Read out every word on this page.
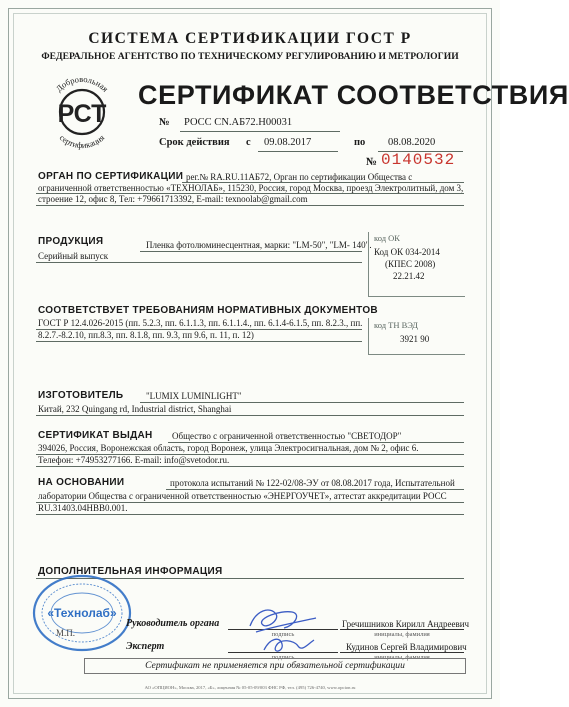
СИСТЕМА СЕРТИФИКАЦИИ ГОСТ Р
ФЕДЕРАЛЬНОЕ АГЕНТСТВО ПО ТЕХНИЧЕСКОМУ РЕГУЛИРОВАНИЮ И МЕТРОЛОГИИ
РСТ
Добровольная
сертификация
СЕРТИФИКАТ СООТВЕТСТВИЯ
№ РОСС CN.АБ72.Н00031
Срок действия с 09.08.2017	по 08.08.2020
№ 0140532
ОРГАН ПО СЕРТИФИКАЦИИ рег.№ RA.RU.11АБ72, Орган по сертификации Общества с
ограниченной ответственностью «ТЕХНОЛАБ», 115230, Россия, город Москва, проезд Электролитный, дом 3,
строение 12, офис 8, Тел: +79661713392, E-mail: texnoolab@gmail.com
ПРОДУКЦИЯ	Пленка фотолюминесцентная, марки: "LM-50", "LM- 140".
Серийный выпуск
код ОК
Код ОК 034-2014
(КПЕС 2008)
22.21.42
СООТВЕТСТВУЕТ ТРЕБОВАНИЯМ НОРМАТИВНЫХ ДОКУМЕНТОВ
ГОСТ Р 12.4.026-2015 (пп. 5.2.3, пп. 6.1.1.3, пп. 6.1.1.4., пп. 6.1.4-6.1.5, пп. 8.2.3., пп.
8.2.7.-8.2.10, пп.8.3, пп. 8.1.8, пп. 9.3, пп 9.6, п. 11, п. 12)
код ТН ВЭД
3921 90
ИЗГОТОВИТЕЛЬ	"LUMIX LUMINLIGHT"
Китай, 232 Quingang rd, Industrial district, Shanghai
СЕРТИФИКАТ ВЫДАН Общество с ограниченной ответственностью "СВЕТОДОР"
394026, Россия, Воронежская область, город Воронеж, улица Электросигнальная, дом № 2, офис 6.
Телефон: +74953277166. E-mail: info@svetodor.ru.
НА ОСНОВАНИИ	протокола испытаний № 122-02/08-ЭУ от 08.08.2017 года, Испытательной
лаборатории Общества с ограниченной ответственностью «ЭНЕРГОУЧЕТ», аттестат аккредитации РОСС
RU.31403.04НВВ0.001.
ДОПОЛНИТЕЛЬНАЯ ИНФОРМАЦИЯ
«Технолаб»
М.П.
Руководитель органа
подпись
Гречишников Кирилл Андреевич
инициалы, фамилия
Эксперт
подпись
Кудинов Сергей Владимирович
инициалы, фамилия
Сертификат не применяется при обязательной сертификации
АО «ОПЦИОН», Москва, 2017, «Б», лицензия № 05-05-09/003 ФНС РФ, тел. (495) 726-4740, www.opcion.ru
